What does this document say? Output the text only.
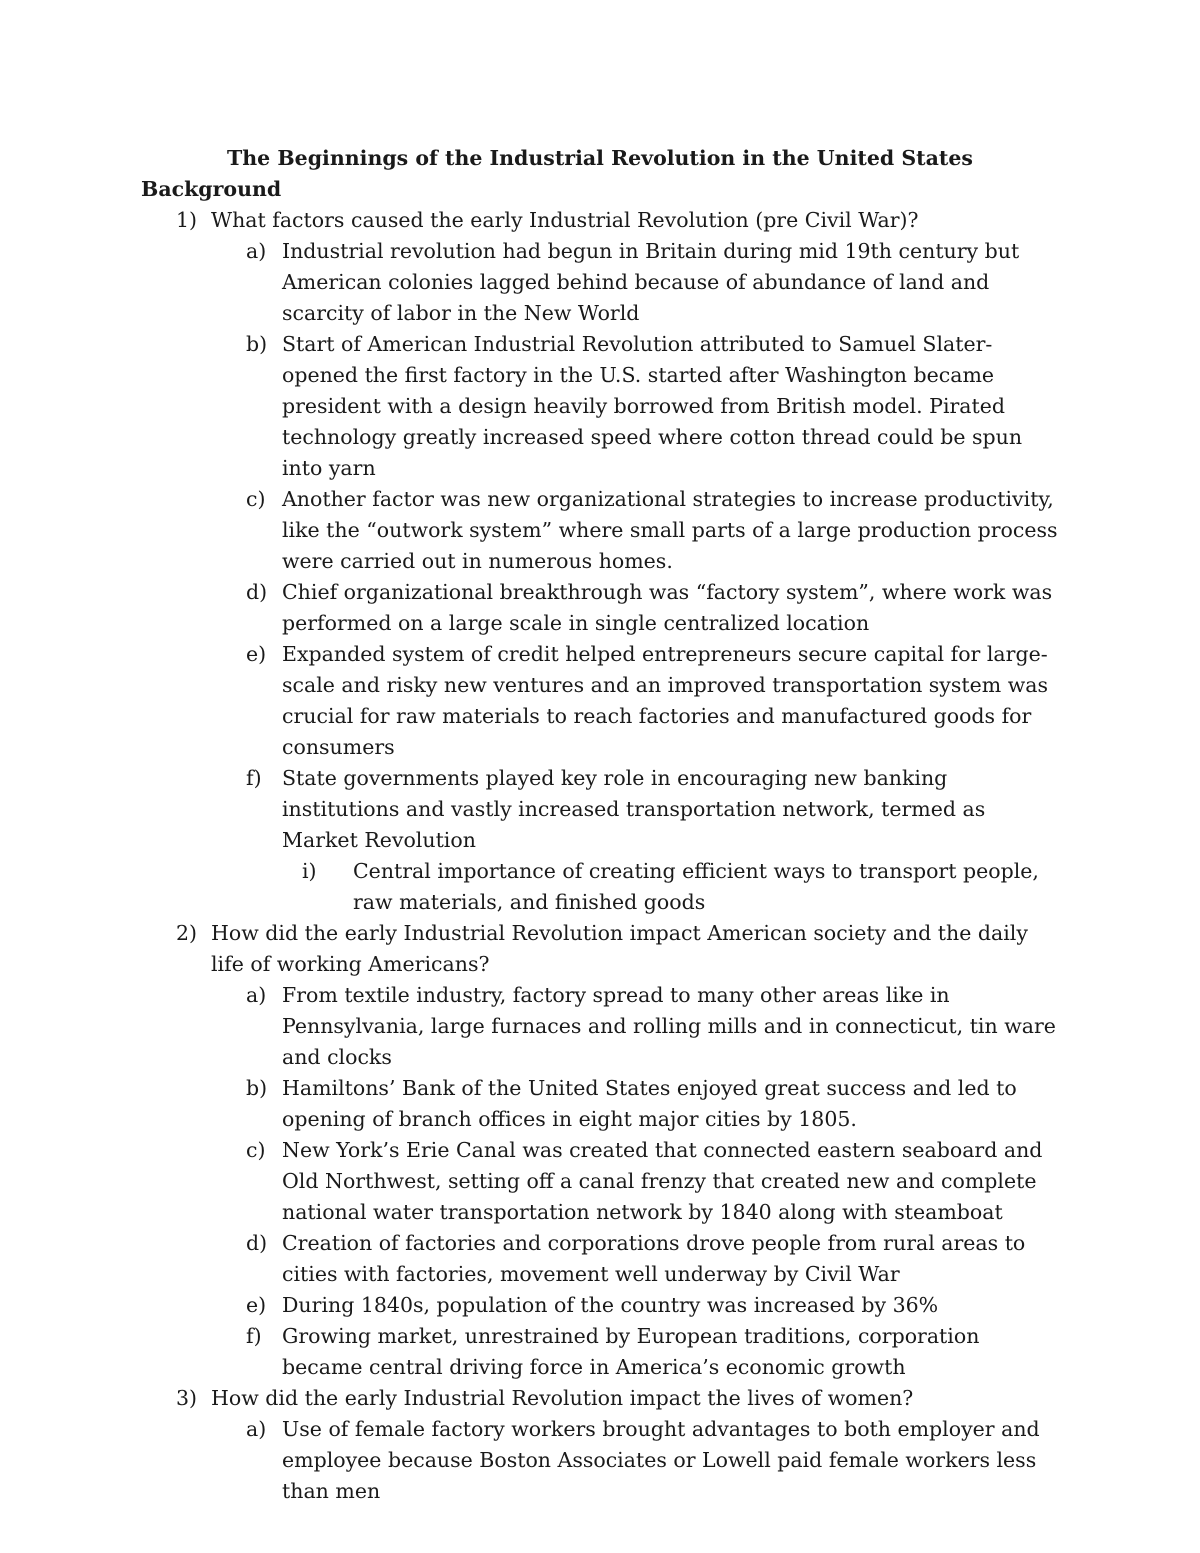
The Beginnings of the Industrial Revolution in the United States
Background
1) What factors caused the early Industrial Revolution (pre Civil War)?
a) Industrial revolution had begun in Britain during mid 19th century but American colonies lagged behind because of abundance of land and scarcity of labor in the New World
b) Start of American Industrial Revolution attributed to Samuel Slater- opened the first factory in the U.S. started after Washington became president with a design heavily borrowed from British model. Pirated technology greatly increased speed where cotton thread could be spun into yarn
c) Another factor was new organizational strategies to increase productivity, like the “outwork system” where small parts of a large production process were carried out in numerous homes.
d) Chief organizational breakthrough was “factory system”, where work was performed on a large scale in single centralized location
e) Expanded system of credit helped entrepreneurs secure capital for large-scale and risky new ventures and an improved transportation system was crucial for raw materials to reach factories and manufactured goods for consumers
f) State governments played key role in encouraging new banking institutions and vastly increased transportation network, termed as Market Revolution
i) Central importance of creating efficient ways to transport people, raw materials, and finished goods
2) How did the early Industrial Revolution impact American society and the daily life of working Americans?
a) From textile industry, factory spread to many other areas like in Pennsylvania, large furnaces and rolling mills and in connecticut, tin ware and clocks
b) Hamiltons’ Bank of the United States enjoyed great success and led to opening of branch offices in eight major cities by 1805.
c) New York’s Erie Canal was created that connected eastern seaboard and Old Northwest, setting off a canal frenzy that created new and complete national water transportation network by 1840 along with steamboat
d) Creation of factories and corporations drove people from rural areas to cities with factories, movement well underway by Civil War
e) During 1840s, population of the country was increased by 36%
f) Growing market, unrestrained by European traditions, corporation became central driving force in America’s economic growth
3) How did the early Industrial Revolution impact the lives of women?
a) Use of female factory workers brought advantages to both employer and employee because Boston Associates or Lowell paid female workers less than men
